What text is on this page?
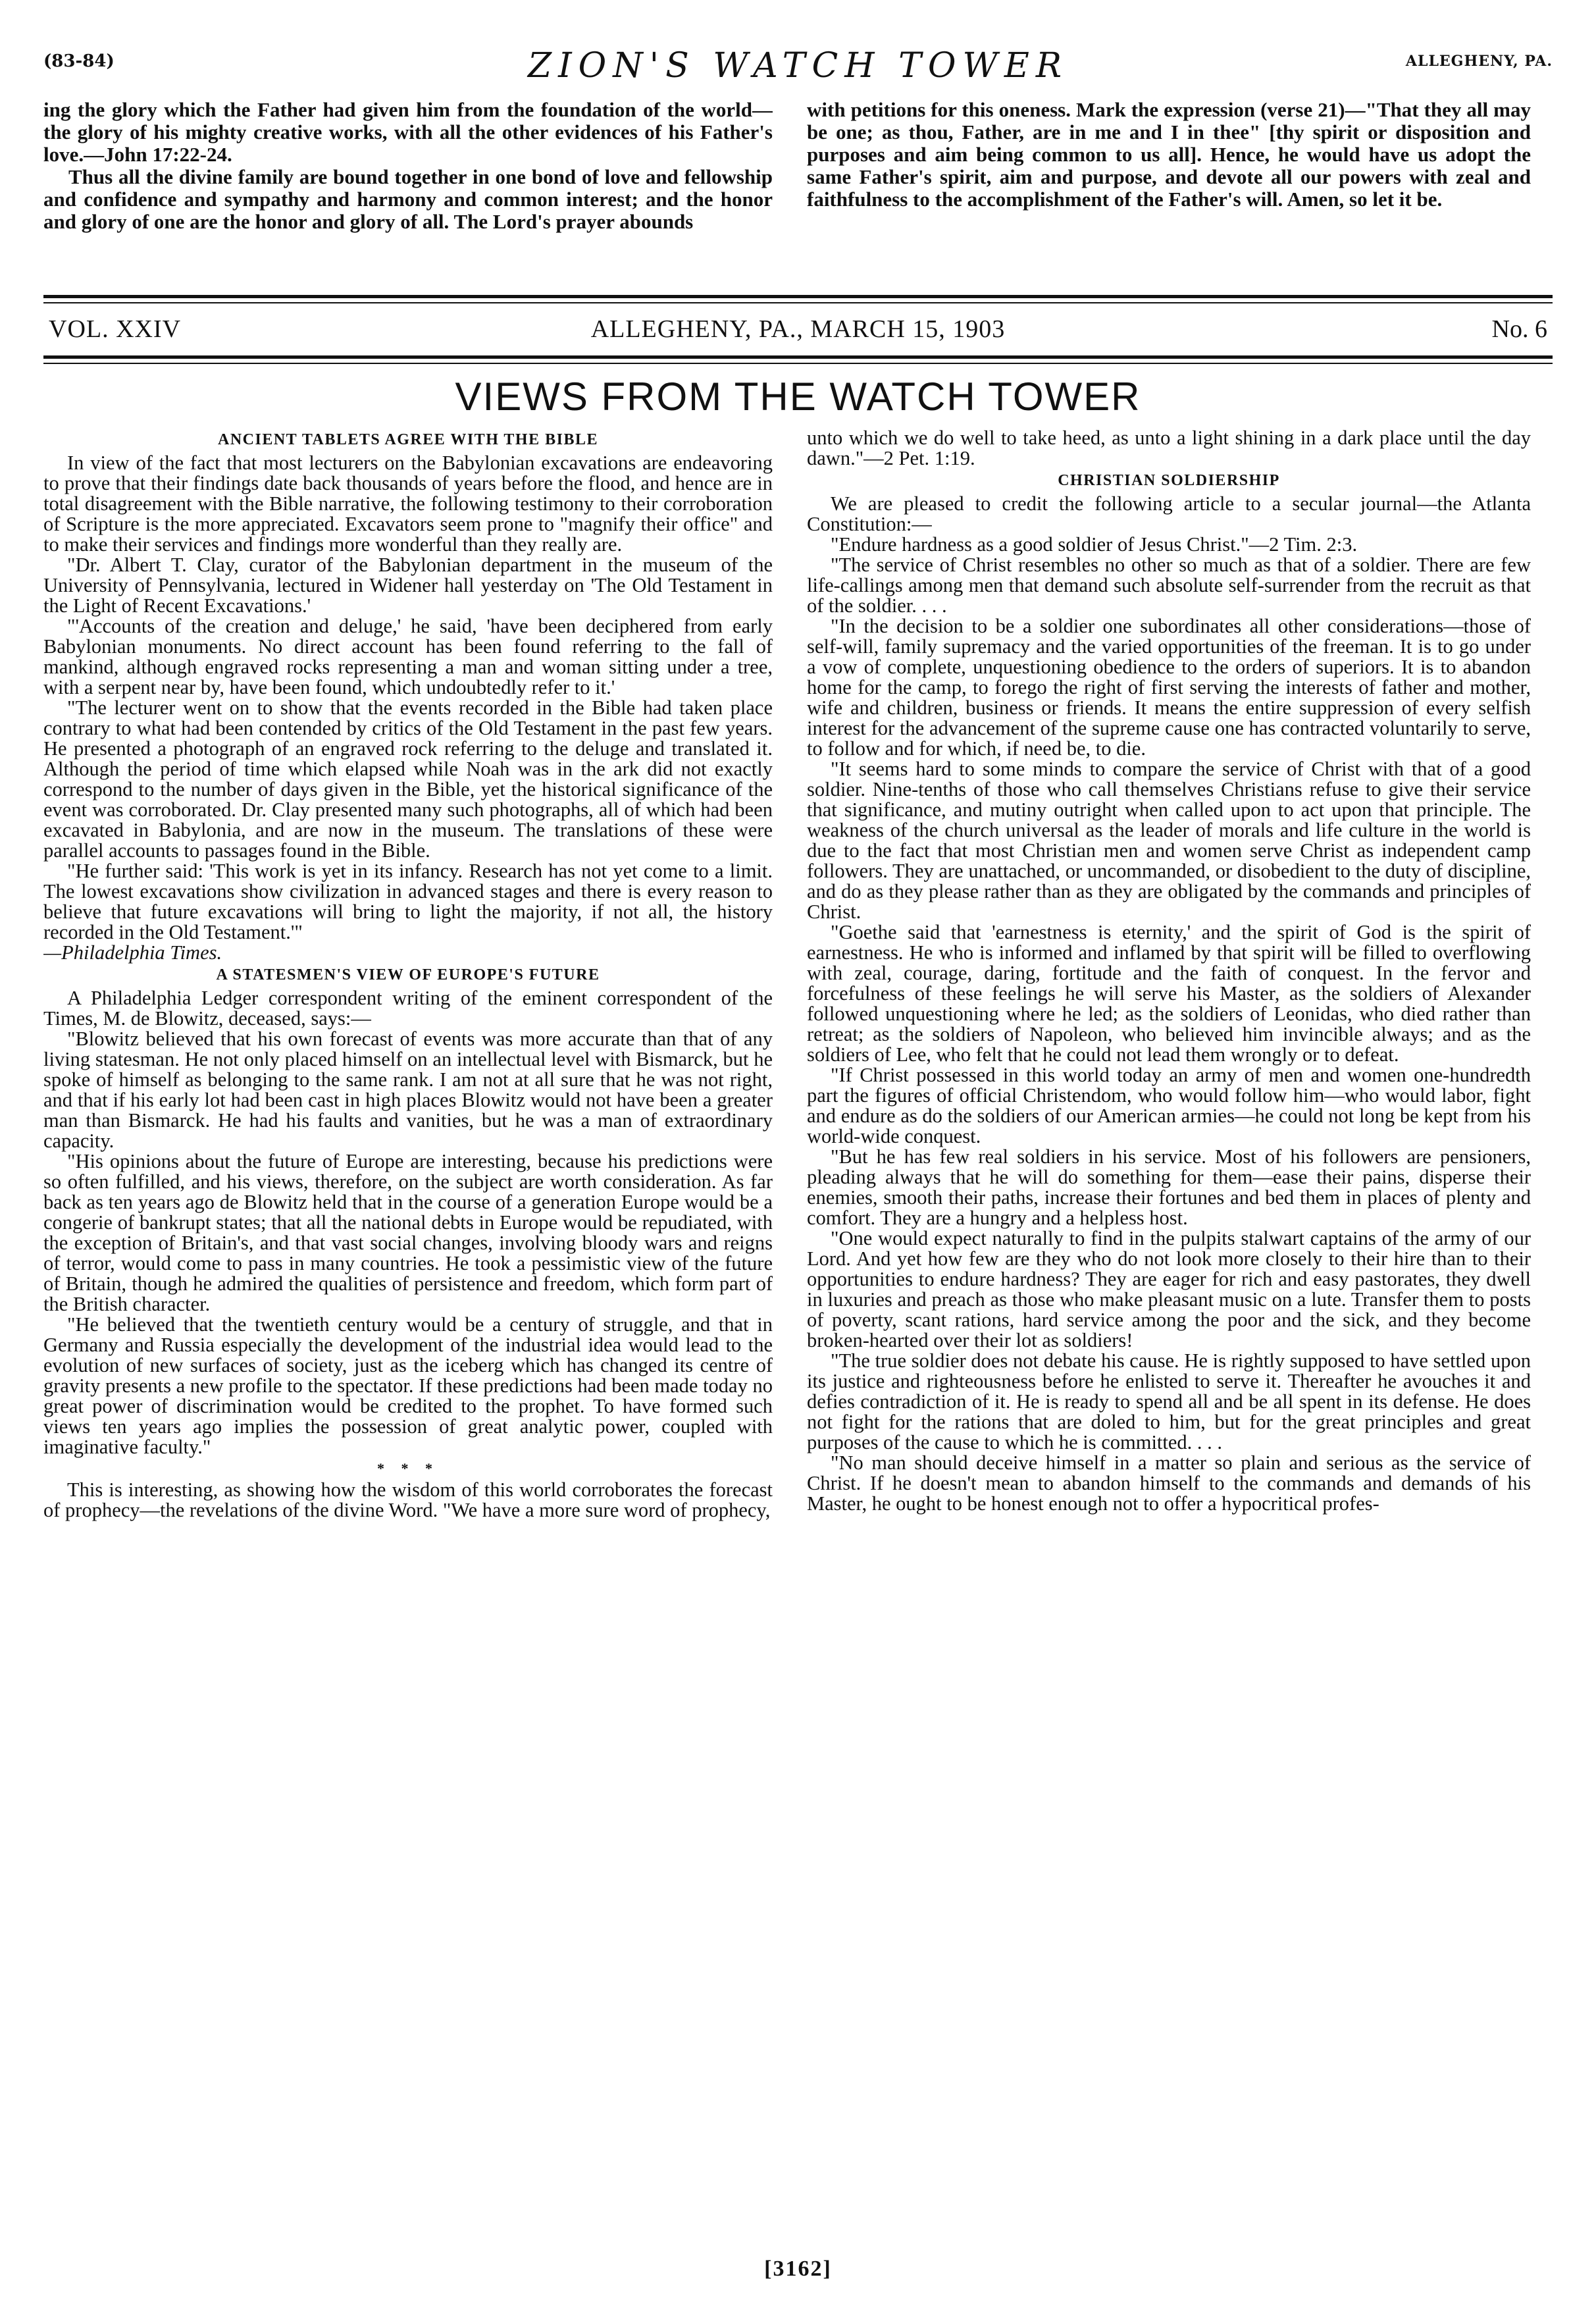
(83-84)	ZION'S WATCH TOWER	ALLEGHENY, PA.

ing the glory which the Father had given him from the foundation of the world—the glory of his mighty creative works, with all the other evidences of his Father's love.—John 17:22-24.

Thus all the divine family are bound together in one bond of love and fellowship and confidence and sympathy and harmony and common interest; and the honor and glory of one are the honor and glory of all. The Lord's prayer abounds

with petitions for this oneness. Mark the expression (verse 21)—"That they all may be one; as thou, Father, are in me and I in thee" [thy spirit or disposition and purposes and aim being common to us all]. Hence, he would have us adopt the same Father's spirit, aim and purpose, and devote all our powers with zeal and faithfulness to the accomplishment of the Father's will. Amen, so let it be.

VOL. XXIV	ALLEGHENY, PA., MARCH 15, 1903	No. 6
VIEWS FROM THE WATCH TOWER
ANCIENT TABLETS AGREE WITH THE BIBLE

In view of the fact that most lecturers on the Babylonian excavations are endeavoring to prove that their findings date back thousands of years before the flood, and hence are in total disagreement with the Bible narrative, the following testimony to their corroboration of Scripture is the more appreciated. Excavators seem prone to "magnify their office" and to make their services and findings more wonderful than they really are.

"Dr. Albert T. Clay, curator of the Babylonian department in the museum of the University of Pennsylvania, lectured in Widener hall yesterday on 'The Old Testament in the Light of Recent Excavations.'

"'Accounts of the creation and deluge,' he said, 'have been deciphered from early Babylonian monuments. No direct account has been found referring to the fall of mankind, although engraved rocks representing a man and woman sitting under a tree, with a serpent near by, have been found, which undoubtedly refer to it.'

"The lecturer went on to show that the events recorded in the Bible had taken place contrary to what had been contended by critics of the Old Testament in the past few years. He presented a photograph of an engraved rock referring to the deluge and translated it. Although the period of time which elapsed while Noah was in the ark did not exactly correspond to the number of days given in the Bible, yet the historical significance of the event was corroborated. Dr. Clay presented many such photographs, all of which had been excavated in Babylonia, and are now in the museum. The translations of these were parallel accounts to passages found in the Bible.

"He further said: 'This work is yet in its infancy. Research has not yet come to a limit. The lowest excavations show civilization in advanced stages and there is every reason to believe that future excavations will bring to light the majority, if not all, the history recorded in the Old Testament.'"

—Philadelphia Times.

A STATESMEN'S VIEW OF EUROPE'S FUTURE

A Philadelphia Ledger correspondent writing of the eminent correspondent of the Times, M. de Blowitz, deceased, says:—

"Blowitz believed that his own forecast of events was more accurate than that of any living statesman. He not only placed himself on an intellectual level with Bismarck, but he spoke of himself as belonging to the same rank. I am not at all sure that he was not right, and that if his early lot had been cast in high places Blowitz would not have been a greater man than Bismarck. He had his faults and vanities, but he was a man of extraordinary capacity.

"His opinions about the future of Europe are interesting, because his predictions were so often fulfilled, and his views, therefore, on the subject are worth consideration. As far back as ten years ago de Blowitz held that in the course of a generation Europe would be a congerie of bankrupt states; that all the national debts in Europe would be repudiated, with the exception of Britain's, and that vast social changes, involving bloody wars and reigns of terror, would come to pass in many countries. He took a pessimistic view of the future of Britain, though he admired the qualities of persistence and freedom, which form part of the British character.

"He believed that the twentieth century would be a century of struggle, and that in Germany and Russia especially the development of the industrial idea would lead to the evolution of new surfaces of society, just as the iceberg which has changed its centre of gravity presents a new profile to the spectator. If these predictions had been made today no great power of discrimination would be credited to the prophet. To have formed such views ten years ago implies the possession of great analytic power, coupled with imaginative faculty."

* * *

This is interesting, as showing how the wisdom of this world corroborates the forecast of prophecy—the revelations of the divine Word. "We have a more sure word of prophecy,

unto which we do well to take heed, as unto a light shining in a dark place until the day dawn."—2 Pet. 1:19.

CHRISTIAN SOLDIERSHIP

We are pleased to credit the following article to a secular journal—the Atlanta Constitution:—

"Endure hardness as a good soldier of Jesus Christ."—2 Tim. 2:3.

"The service of Christ resembles no other so much as that of a soldier. There are few life-callings among men that demand such absolute self-surrender from the recruit as that of the soldier. . . .

"In the decision to be a soldier one subordinates all other considerations—those of self-will, family supremacy and the varied opportunities of the freeman. It is to go under a vow of complete, unquestioning obedience to the orders of superiors. It is to abandon home for the camp, to forego the right of first serving the interests of father and mother, wife and children, business or friends. It means the entire suppression of every selfish interest for the advancement of the supreme cause one has contracted voluntarily to serve, to follow and for which, if need be, to die.

"It seems hard to some minds to compare the service of Christ with that of a good soldier. Nine-tenths of those who call themselves Christians refuse to give their service that significance, and mutiny outright when called upon to act upon that principle. The weakness of the church universal as the leader of morals and life culture in the world is due to the fact that most Christian men and women serve Christ as independent camp followers. They are unattached, or uncommanded, or disobedient to the duty of discipline, and do as they please rather than as they are obligated by the commands and principles of Christ.

"Goethe said that 'earnestness is eternity,' and the spirit of God is the spirit of earnestness. He who is informed and inflamed by that spirit will be filled to overflowing with zeal, courage, daring, fortitude and the faith of conquest. In the fervor and forcefulness of these feelings he will serve his Master, as the soldiers of Alexander followed unquestioning where he led; as the soldiers of Leonidas, who died rather than retreat; as the soldiers of Napoleon, who believed him invincible always; and as the soldiers of Lee, who felt that he could not lead them wrongly or to defeat.

"If Christ possessed in this world today an army of men and women one-hundredth part the figures of official Christendom, who would follow him—who would labor, fight and endure as do the soldiers of our American armies—he could not long be kept from his world-wide conquest.

"But he has few real soldiers in his service. Most of his followers are pensioners, pleading always that he will do something for them—ease their pains, disperse their enemies, smooth their paths, increase their fortunes and bed them in places of plenty and comfort. They are a hungry and a helpless host.

"One would expect naturally to find in the pulpits stalwart captains of the army of our Lord. And yet how few are they who do not look more closely to their hire than to their opportunities to endure hardness? They are eager for rich and easy pastorates, they dwell in luxuries and preach as those who make pleasant music on a lute. Transfer them to posts of poverty, scant rations, hard service among the poor and the sick, and they become broken-hearted over their lot as soldiers!

"The true soldier does not debate his cause. He is rightly supposed to have settled upon its justice and righteousness before he enlisted to serve it. Thereafter he avouches it and defies contradiction of it. He is ready to spend all and be all spent in its defense. He does not fight for the rations that are doled to him, but for the great principles and great purposes of the cause to which he is committed. . . .

"No man should deceive himself in a matter so plain and serious as the service of Christ. If he doesn't mean to abandon himself to the commands and demands of his Master, he ought to be honest enough not to offer a hypocritical profes-

[3162]
